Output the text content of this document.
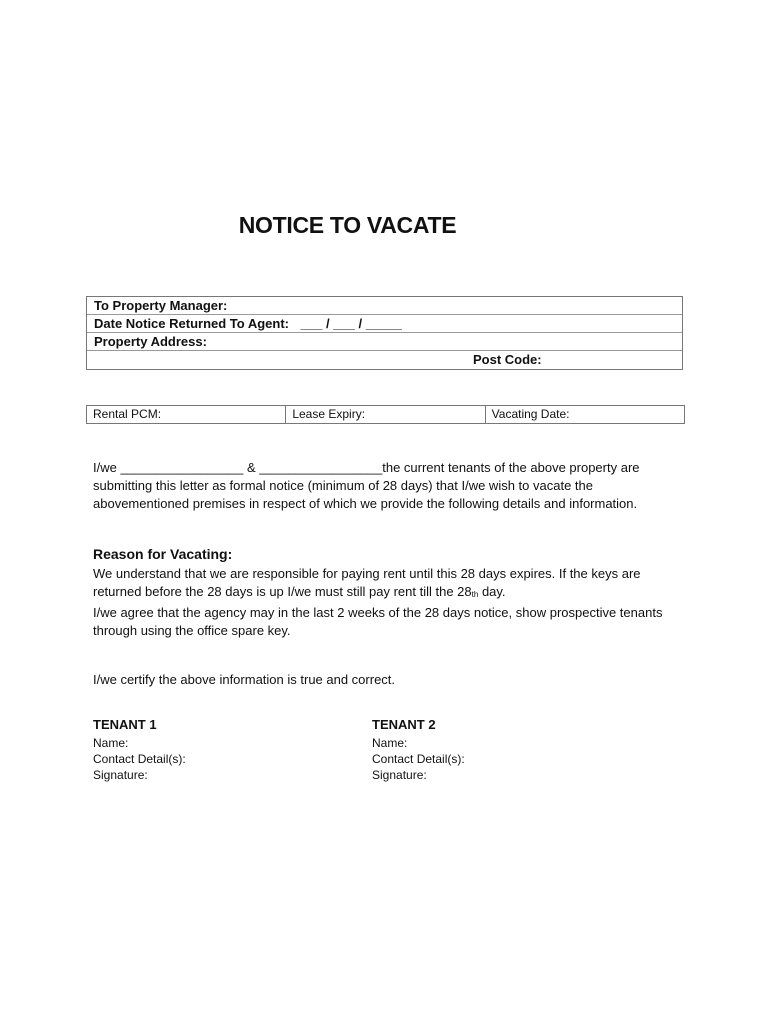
NOTICE TO VACATE
To Property Manager:
Date Notice Returned To Agent: ___ / ___ / _____
Property Address:
Post Code:
Rental PCM:	Lease Expiry:	Vacating Date:
I/we _________________ & _________________the current tenants of the above property are submitting this letter as formal notice (minimum of 28 days) that I/we wish to vacate the abovementioned premises in respect of which we provide the following details and information.
Reason for Vacating:
We understand that we are responsible for paying rent until this 28 days expires. If the keys are returned before the 28 days is up I/we must still pay rent till the $28_{th}$ day.
I/we agree that the agency may in the last 2 weeks of the 28 days notice, show prospective tenants through using the office spare key.
I/we certify the above information is true and correct.
TENANT 1
Name:
Contact Detail(s):
Signature:
TENANT 2
Name:
Contact Detail(s):
Signature:
